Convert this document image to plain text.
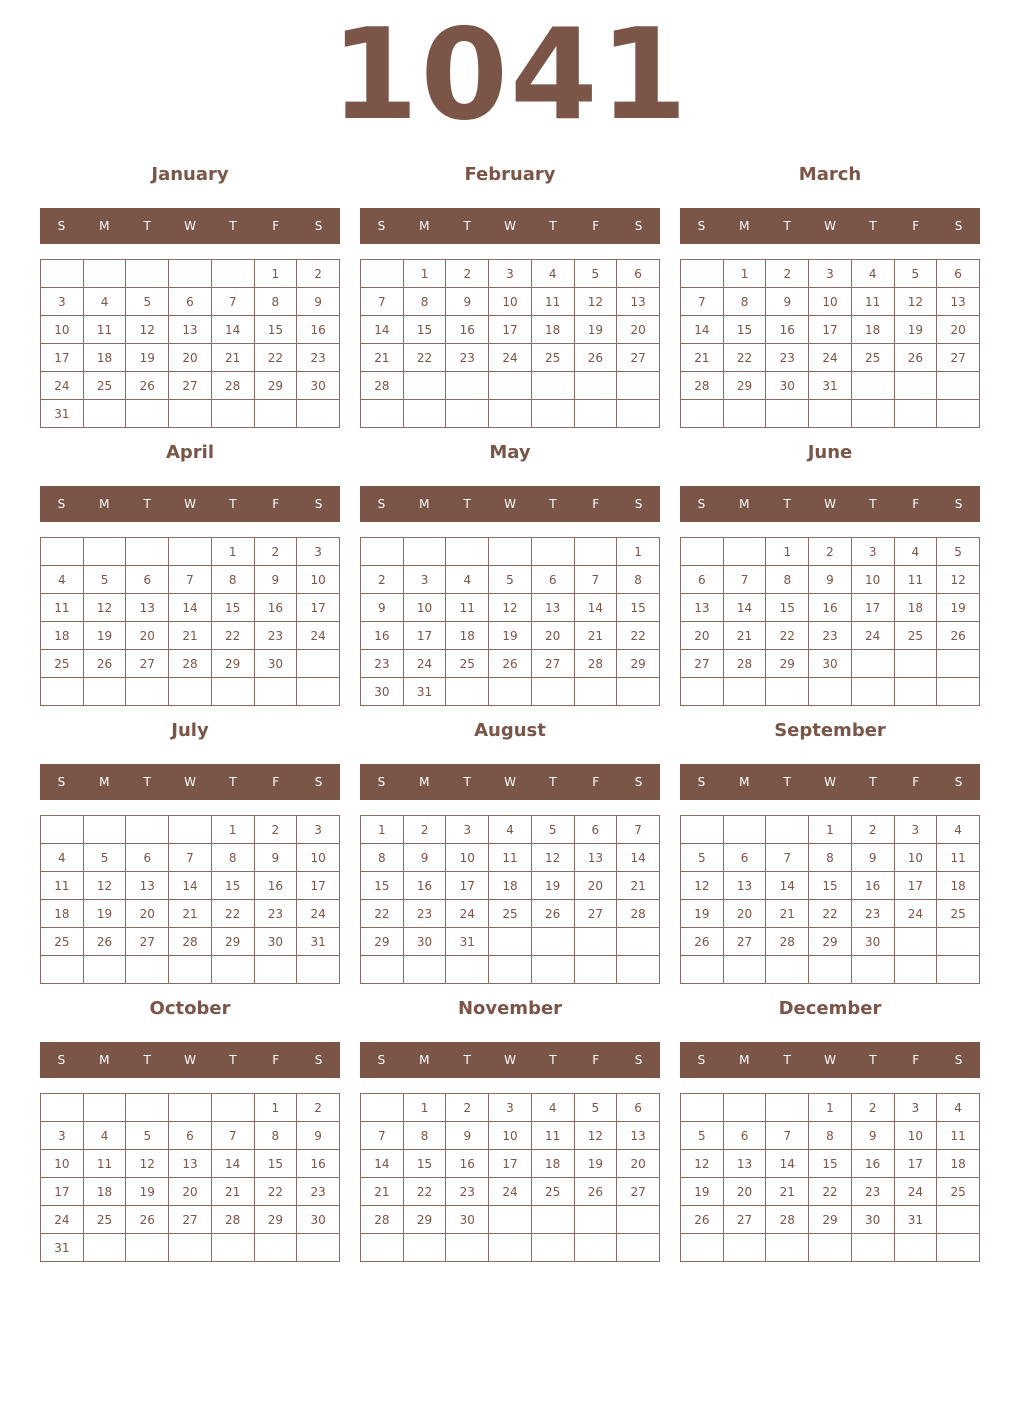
1041
January
S	M	T	W	T	F	S
					1	2
3	4	5	6	7	8	9
10	11	12	13	14	15	16
17	18	19	20	21	22	23
24	25	26	27	28	29	30
31						
February
S	M	T	W	T	F	S
	1	2	3	4	5	6
7	8	9	10	11	12	13
14	15	16	17	18	19	20
21	22	23	24	25	26	27
28						

March
S	M	T	W	T	F	S
	1	2	3	4	5	6
7	8	9	10	11	12	13
14	15	16	17	18	19	20
21	22	23	24	25	26	27
28	29	30	31			

April
S	M	T	W	T	F	S
				1	2	3
4	5	6	7	8	9	10
11	12	13	14	15	16	17
18	19	20	21	22	23	24
25	26	27	28	29	30	

May
S	M	T	W	T	F	S
						1
2	3	4	5	6	7	8
9	10	11	12	13	14	15
16	17	18	19	20	21	22
23	24	25	26	27	28	29
30	31					
June
S	M	T	W	T	F	S
		1	2	3	4	5
6	7	8	9	10	11	12
13	14	15	16	17	18	19
20	21	22	23	24	25	26
27	28	29	30			

July
S	M	T	W	T	F	S
				1	2	3
4	5	6	7	8	9	10
11	12	13	14	15	16	17
18	19	20	21	22	23	24
25	26	27	28	29	30	31

August
S	M	T	W	T	F	S
1	2	3	4	5	6	7
8	9	10	11	12	13	14
15	16	17	18	19	20	21
22	23	24	25	26	27	28
29	30	31				

September
S	M	T	W	T	F	S
			1	2	3	4
5	6	7	8	9	10	11
12	13	14	15	16	17	18
19	20	21	22	23	24	25
26	27	28	29	30		

October
S	M	T	W	T	F	S
					1	2
3	4	5	6	7	8	9
10	11	12	13	14	15	16
17	18	19	20	21	22	23
24	25	26	27	28	29	30
31						
November
S	M	T	W	T	F	S
	1	2	3	4	5	6
7	8	9	10	11	12	13
14	15	16	17	18	19	20
21	22	23	24	25	26	27
28	29	30				

December
S	M	T	W	T	F	S
			1	2	3	4
5	6	7	8	9	10	11
12	13	14	15	16	17	18
19	20	21	22	23	24	25
26	27	28	29	30	31	
